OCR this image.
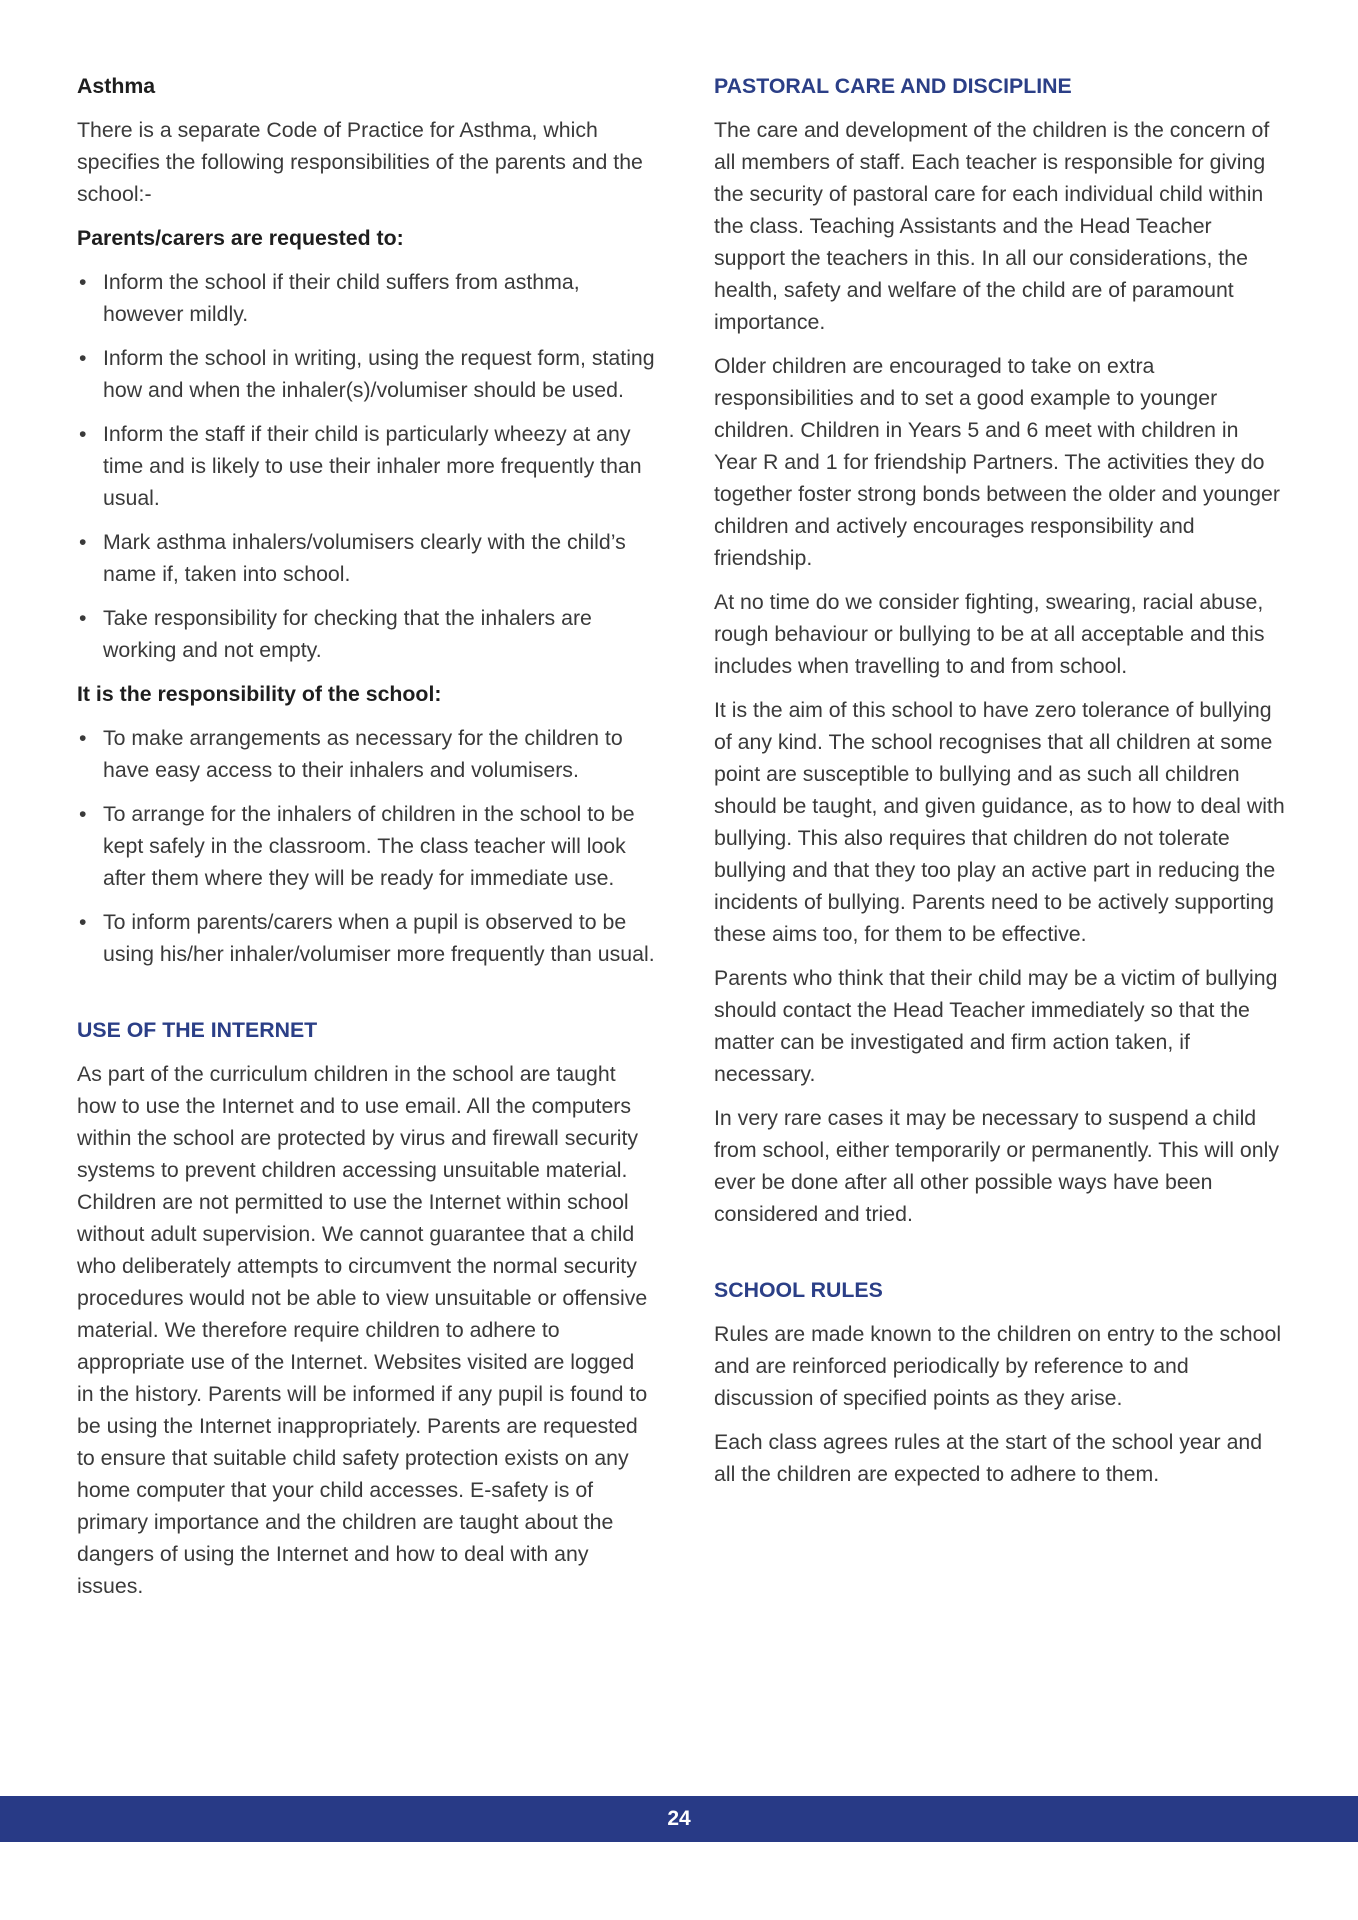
Asthma

There is a separate Code of Practice for Asthma, which specifies the following responsibilities of the parents and the school:-

Parents/carers are requested to:
• Inform the school if their child suffers from asthma, however mildly.
• Inform the school in writing, using the request form, stating how and when the inhaler(s)/volumiser should be used.
• Inform the staff if their child is particularly wheezy at any time and is likely to use their inhaler more frequently than usual.
• Mark asthma inhalers/volumisers clearly with the child’s name if, taken into school.
• Take responsibility for checking that the inhalers are working and not empty.
It is the responsibility of the school:
• To make arrangements as necessary for the children to have easy access to their inhalers and volumisers.
• To arrange for the inhalers of children in the school to be kept safely in the classroom. The class teacher will look after them where they will be ready for immediate use.
• To inform parents/carers when a pupil is observed to be using his/her inhaler/volumiser more frequently than usual.
USE OF THE INTERNET

As part of the curriculum children in the school are taught how to use the Internet and to use email. All the computers within the school are protected by virus and firewall security systems to prevent children accessing unsuitable material. Children are not permitted to use the Internet within school without adult supervision. We cannot guarantee that a child who deliberately attempts to circumvent the normal security procedures would not be able to view unsuitable or offensive material. We therefore require children to adhere to appropriate use of the Internet. Websites visited are logged in the history. Parents will be informed if any pupil is found to be using the Internet inappropriately. Parents are requested to ensure that suitable child safety protection exists on any home computer that your child accesses. E-safety is of primary importance and the children are taught about the dangers of using the Internet and how to deal with any issues.

PASTORAL CARE AND DISCIPLINE

The care and development of the children is the concern of all members of staff. Each teacher is responsible for giving the security of pastoral care for each individual child within the class. Teaching Assistants and the Head Teacher support the teachers in this. In all our considerations, the health, safety and welfare of the child are of paramount importance.

Older children are encouraged to take on extra responsibilities and to set a good example to younger children. Children in Years 5 and 6 meet with children in Year R and 1 for friendship Partners. The activities they do together foster strong bonds between the older and younger children and actively encourages responsibility and friendship.

At no time do we consider fighting, swearing, racial abuse, rough behaviour or bullying to be at all acceptable and this includes when travelling to and from school.

It is the aim of this school to have zero tolerance of bullying of any kind. The school recognises that all children at some point are susceptible to bullying and as such all children should be taught, and given guidance, as to how to deal with bullying. This also requires that children do not tolerate bullying and that they too play an active part in reducing the incidents of bullying. Parents need to be actively supporting these aims too, for them to be effective.

Parents who think that their child may be a victim of bullying should contact the Head Teacher immediately so that the matter can be investigated and firm action taken, if necessary.

In very rare cases it may be necessary to suspend a child from school, either temporarily or permanently. This will only ever be done after all other possible ways have been considered and tried.

SCHOOL RULES

Rules are made known to the children on entry to the school and are reinforced periodically by reference to and discussion of specified points as they arise.

Each class agrees rules at the start of the school year and all the children are expected to adhere to them.

24
